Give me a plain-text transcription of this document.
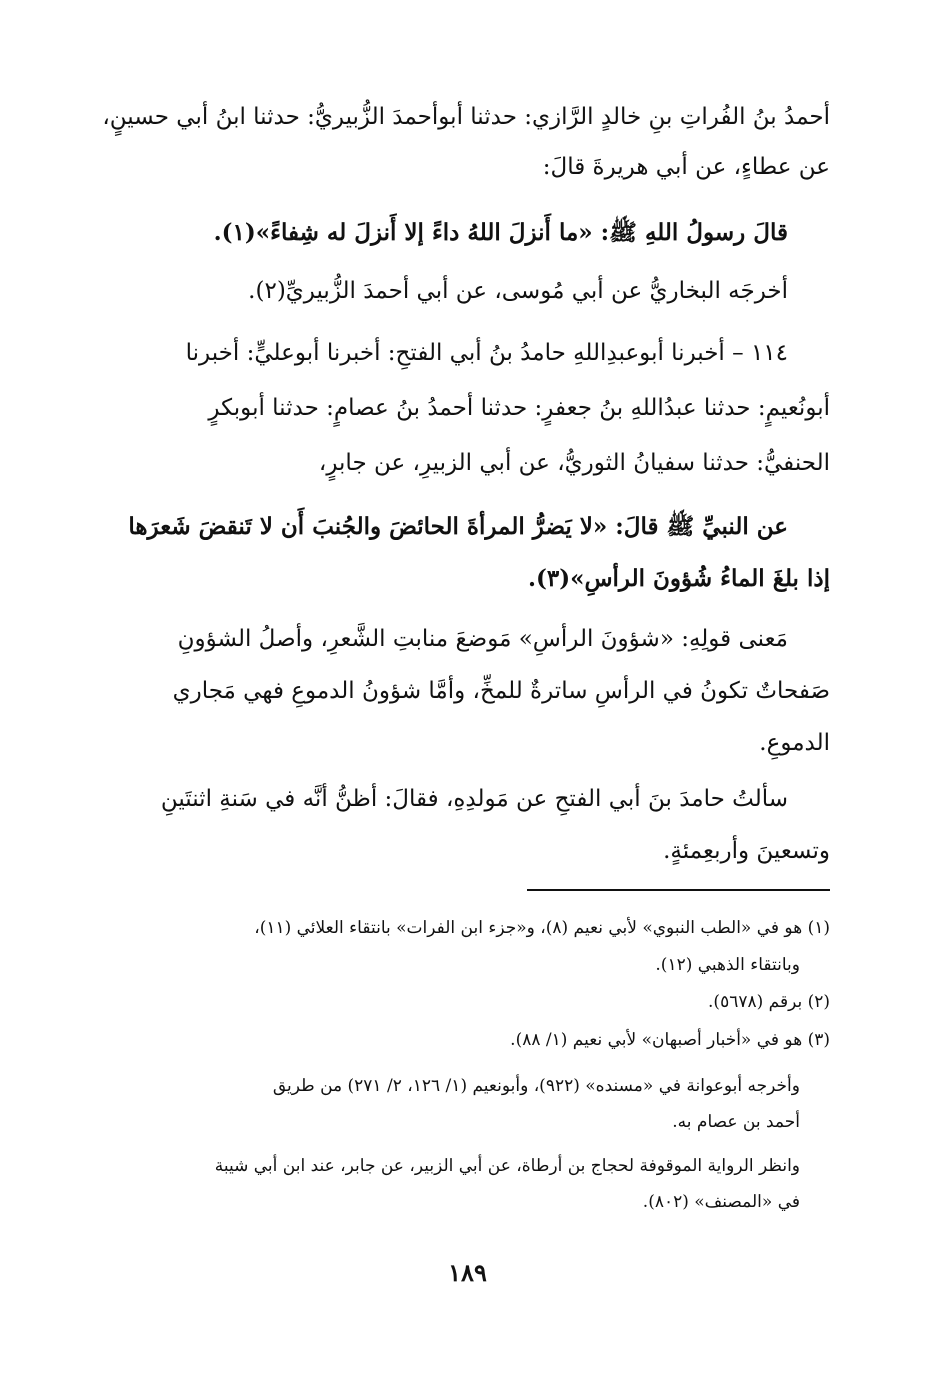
أحمدُ بنُ الفُراتِ بنِ خالدٍ الرَّازي: حدثنا أبوأحمدَ الزُّبيريُّ: حدثنا ابنُ أبي حسينٍ،
عن عطاءٍ، عن أبي هريرةَ قالَ:
قالَ رسولُ اللهِ ﷺ: «ما أَنزلَ اللهُ داءً إلا أَنزلَ له شِفاءً»(١).
أخرجَه البخاريُّ عن أبي مُوسى، عن أبي أحمدَ الزُّبيريِّ(٢).
١١٤ – أخبرنا أبوعبدِاللهِ حامدُ بنُ أبي الفتحِ: أخبرنا أبوعليٍّ: أخبرنا
أبونُعيمٍ: حدثنا عبدُاللهِ بنُ جعفرٍ: حدثنا أحمدُ بنُ عصامٍ: حدثنا أبوبكرٍ
الحنفيُّ: حدثنا سفيانُ الثوريُّ، عن أبي الزبيرِ، عن جابرٍ،
عن النبيِّ ﷺ قالَ: «لا يَضرُّ المرأةَ الحائضَ والجُنبَ أَن لا تَنقضَ شَعرَها
إذا بلغَ الماءُ شُؤونَ الرأسِ»(٣).
مَعنى قولِهِ: «شؤونَ الرأسِ» مَوضعَ منابتِ الشَّعرِ، وأصلُ الشؤونِ
صَفحاتٌ تكونُ في الرأسِ ساترةٌ للمخِّ، وأمَّا شؤونُ الدموعِ فهي مَجاري
الدموعِ.
سألتُ حامدَ بنَ أبي الفتحِ عن مَولدِهِ، فقالَ: أظنُّ أنَّه في سَنةِ اثنتَينِ
وتسعينَ وأربعِمئةٍ.
(١) هو في «الطب النبوي» لأبي نعيم (٨)، و«جزء ابن الفرات» بانتقاء العلائي (١١)،
وبانتقاء الذهبي (١٢).
(٢) برقم (٥٦٧٨).
(٣) هو في «أخبار أصبهان» لأبي نعيم (١/ ٨٨).
وأخرجه أبوعوانة في «مسنده» (٩٢٢)، وأبونعيم (١/ ١٢٦، ٢/ ٢٧١) من طريق
أحمد بن عصام به.
وانظر الرواية الموقوفة لحجاج بن أرطاة، عن أبي الزبير، عن جابر، عند ابن أبي شيبة
في «المصنف» (٨٠٢).
١٨٩
